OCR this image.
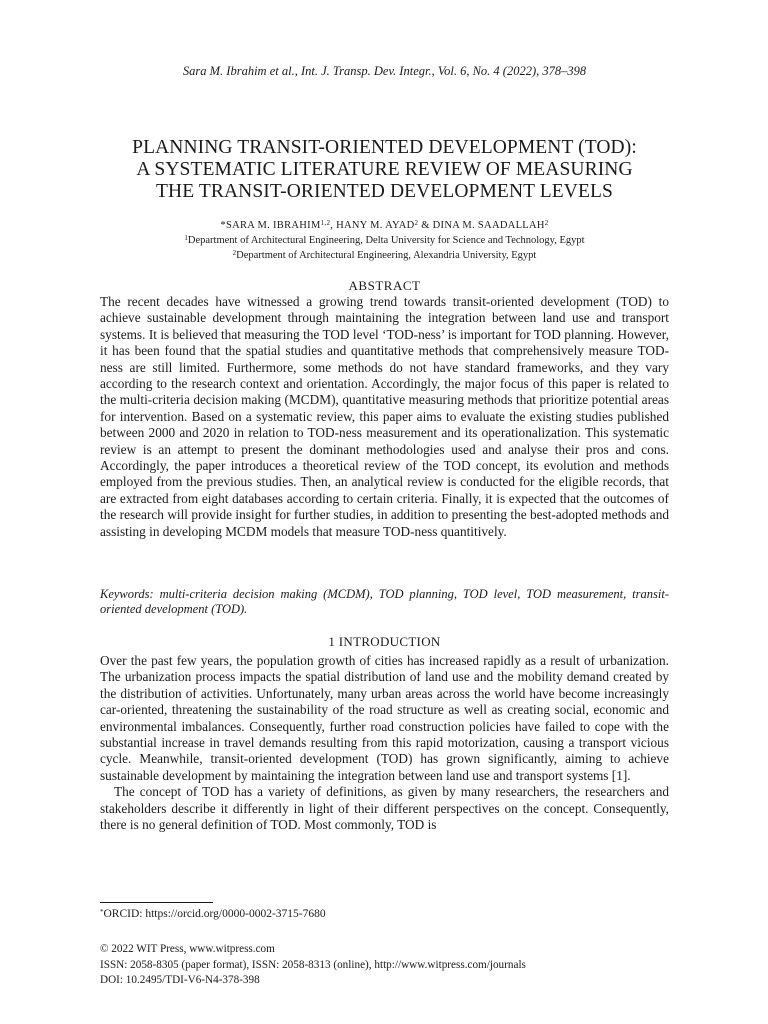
Sara M. Ibrahim et al., Int. J. Transp. Dev. Integr., Vol. 6, No. 4 (2022), 378–398
PLANNING TRANSIT-ORIENTED DEVELOPMENT (TOD):
A SYSTEMATIC LITERATURE REVIEW OF MEASURING
THE TRANSIT-ORIENTED DEVELOPMENT LEVELS
*SARA M. IBRAHIM$^{1,2}$, HANY M. AYAD$^2$ & DINA M. SAADALLAH$^2$
$^1$Department of Architectural Engineering, Delta University for Science and Technology, Egypt
$^2$Department of Architectural Engineering, Alexandria University, Egypt
ABSTRACT
The recent decades have witnessed a growing trend towards transit-oriented development (TOD) to achieve sustainable development through maintaining the integration between land use and transport systems. It is believed that measuring the TOD level ‘TOD-ness’ is important for TOD planning. However, it has been found that the spatial studies and quantitative methods that comprehensively measure TOD-ness are still limited. Furthermore, some methods do not have standard frameworks, and they vary according to the research context and orientation. Accordingly, the major focus of this paper is related to the multi-criteria decision making (MCDM), quantitative measuring methods that prioritize potential areas for intervention. Based on a systematic review, this paper aims to evaluate the existing studies published between 2000 and 2020 in relation to TOD-ness measurement and its operationalization. This systematic review is an attempt to present the dominant methodologies used and analyse their pros and cons. Accordingly, the paper introduces a theoretical review of the TOD concept, its evolution and methods employed from the previous studies. Then, an analytical review is conducted for the eligible records, that are extracted from eight databases according to certain criteria. Finally, it is expected that the outcomes of the research will provide insight for further studies, in addition to presenting the best-adopted methods and assisting in developing MCDM models that measure TOD-ness quantitively.
Keywords: multi-criteria decision making (MCDM), TOD planning, TOD level, TOD measurement, transit-oriented development (TOD).
1 INTRODUCTION

Over the past few years, the population growth of cities has increased rapidly as a result of urbanization. The urbanization process impacts the spatial distribution of land use and the mobility demand created by the distribution of activities. Unfortunately, many urban areas across the world have become increasingly car-oriented, threatening the sustainability of the road structure as well as creating social, economic and environmental imbalances. Consequently, further road construction policies have failed to cope with the substantial increase in travel demands resulting from this rapid motorization, causing a transport vicious cycle. Meanwhile, transit-oriented development (TOD) has grown significantly, aiming to achieve sustainable development by maintaining the integration between land use and transport systems [1].

The concept of TOD has a variety of definitions, as given by many researchers, the researchers and stakeholders describe it differently in light of their different perspectives on the concept. Consequently, there is no general definition of TOD. Most commonly, TOD is

*ORCID: https://orcid.org/0000-0002-3715-7680
© 2022 WIT Press, www.witpress.com
ISSN: 2058-8305 (paper format), ISSN: 2058-8313 (online), http://www.witpress.com/journals
DOI: 10.2495/TDI-V6-N4-378-398
